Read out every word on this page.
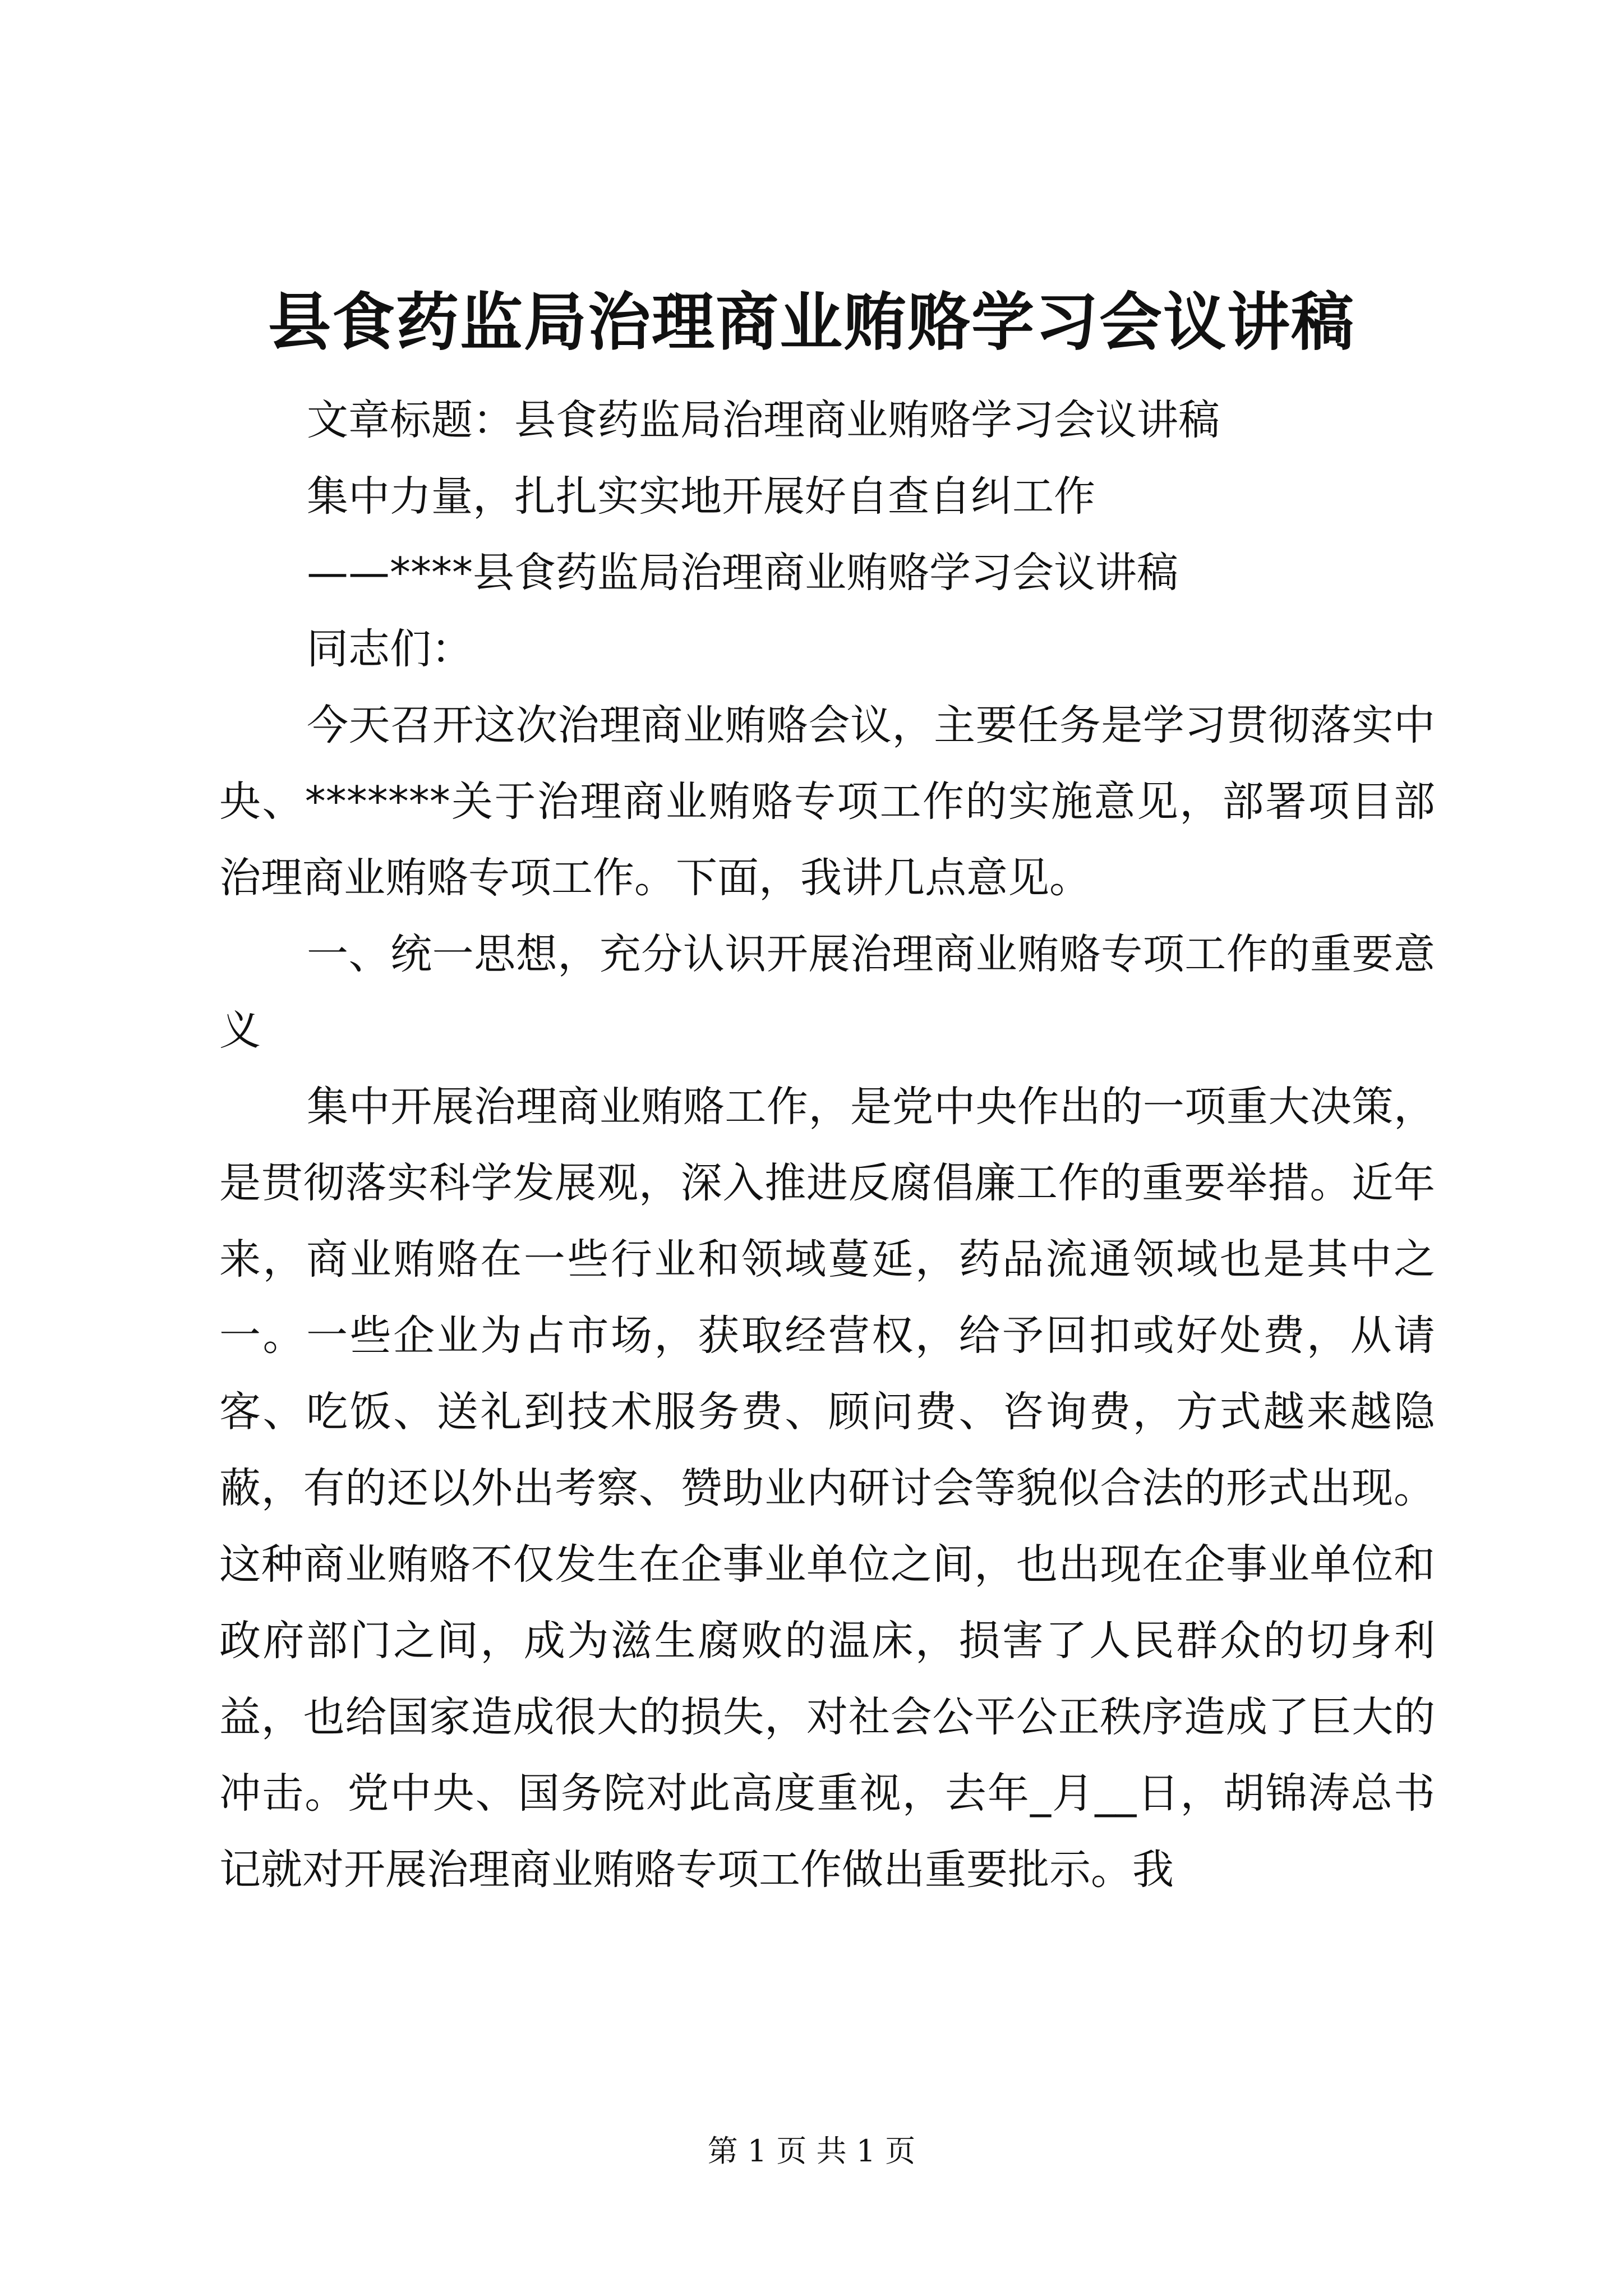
县食药监局治理商业贿赂学习会议讲稿

文章标题：县食药监局治理商业贿赂学习会议讲稿

集中力量，扎扎实实地开展好自查自纠工作

——****县食药监局治理商业贿赂学习会议讲稿

同志们：

今天召开这次治理商业贿赂会议，主要任务是学习贯彻落实中央、*******关于治理商业贿赂专项工作的实施意见，部署项目部治理商业贿赂专项工作。下面，我讲几点意见。

一、统一思想，充分认识开展治理商业贿赂专项工作的重要意义

集中开展治理商业贿赂工作，是党中央作出的一项重大决策，是贯彻落实科学发展观，深入推进反腐倡廉工作的重要举措。近年来，商业贿赂在一些行业和领域蔓延，药品流通领域也是其中之一。一些企业为占市场，获取经营权，给予回扣或好处费，从请客、吃饭、送礼到技术服务费、顾问费、咨询费，方式越来越隐蔽，有的还以外出考察、赞助业内研讨会等貌似合法的形式出现。这种商业贿赂不仅发生在企事业单位之间，也出现在企事业单位和政府部门之间，成为滋生腐败的温床，损害了人民群众的切身利益，也给国家造成很大的损失，对社会公平公正秩序造成了巨大的冲击。党中央、国务院对此高度重视，去年_月__日，胡锦涛总书记就对开展治理商业贿赂专项工作做出重要批示。我

第 1 页 共 1 页
